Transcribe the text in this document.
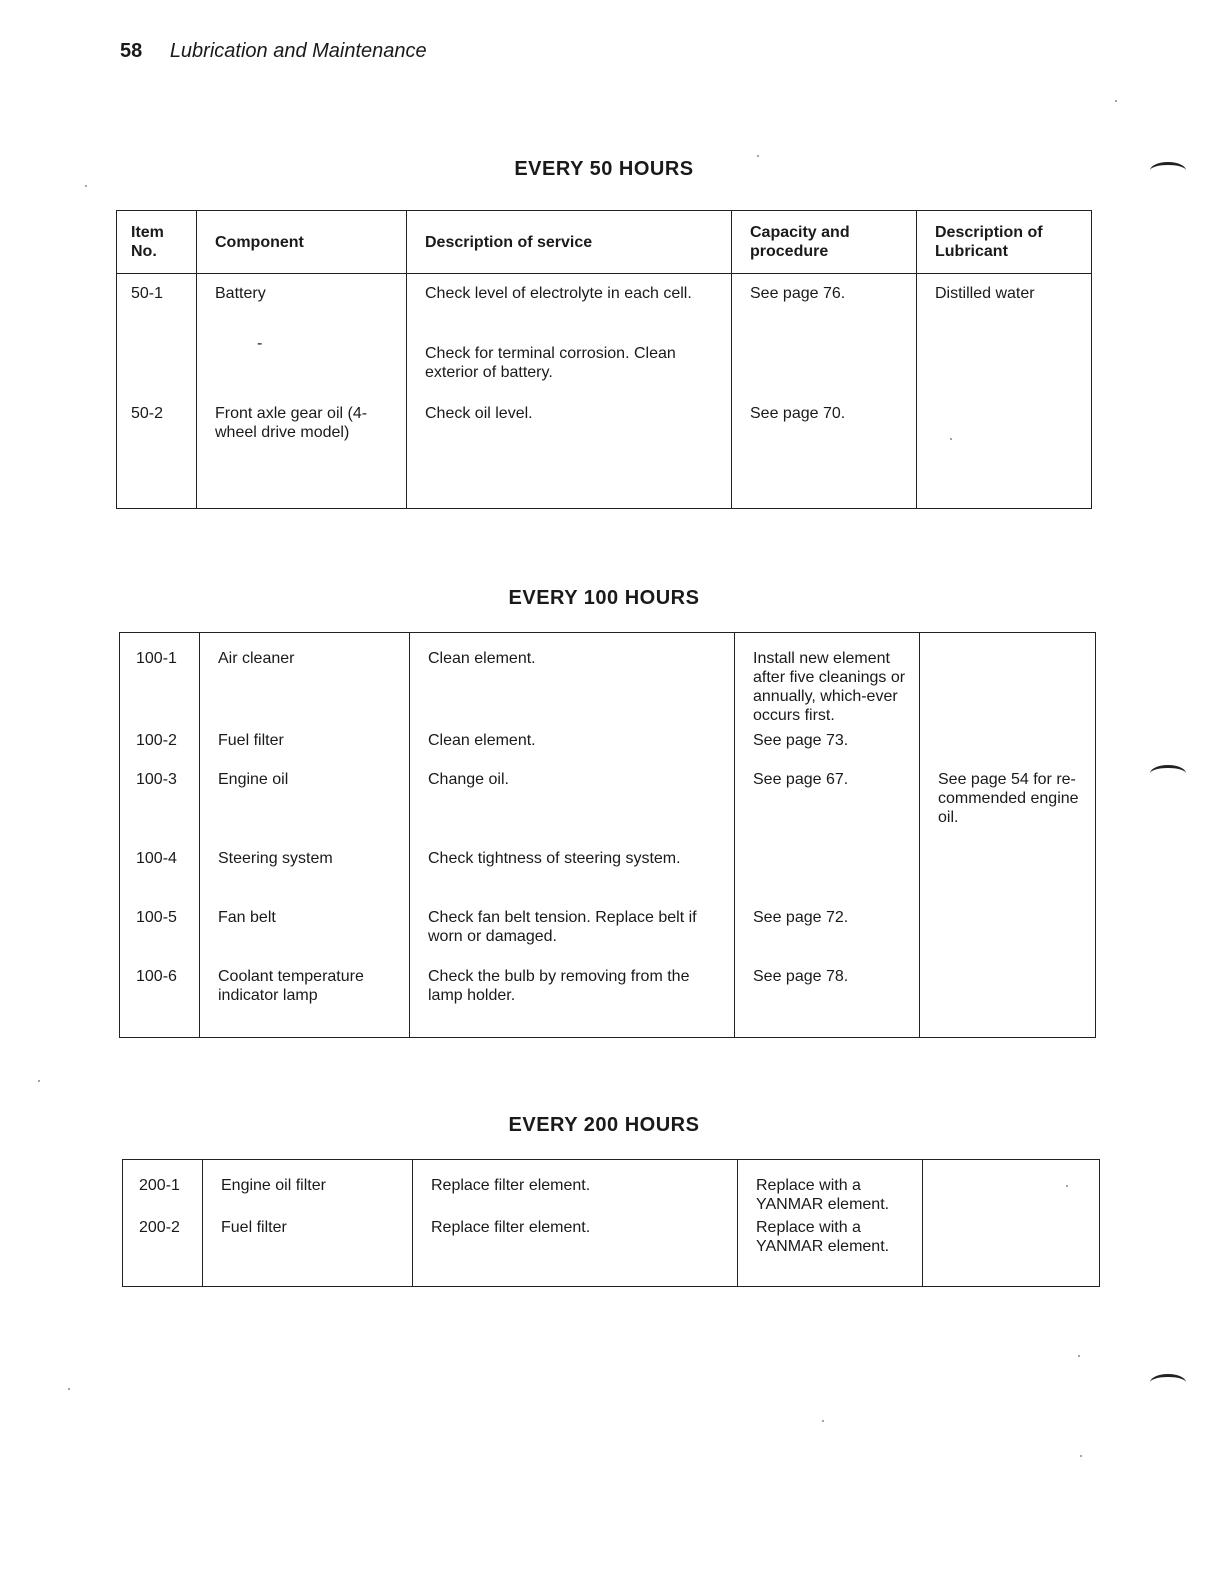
58 Lubrication and Maintenance
EVERY 50 HOURS
Item No.	Component	Description of service	Capacity and procedure	Description of Lubricant
50-1	Battery	Check level of electrolyte in each cell.	See page 76.	Distilled water
	-	Check for terminal corrosion. Clean exterior of battery.		
50-2	Front axle gear oil (4-wheel drive model)	Check oil level.	See page 70.	
EVERY 100 HOURS
100-1	Air cleaner	Clean element.	Install new element after five cleanings or annually, which-ever occurs first.	
100-2	Fuel filter	Clean element.	See page 73.	
100-3	Engine oil	Change oil.	See page 67.	See page 54 for re-commended engine oil.
100-4	Steering system	Check tightness of steering system.		
100-5	Fan belt	Check fan belt tension. Replace belt if worn or damaged.	See page 72.	
100-6	Coolant temperature indicator lamp	Check the bulb by removing from the lamp holder.	See page 78.	
EVERY 200 HOURS
200-1	Engine oil filter	Replace filter element.	Replace with a YANMAR element.	
200-2	Fuel filter	Replace filter element.	Replace with a YANMAR element.	
